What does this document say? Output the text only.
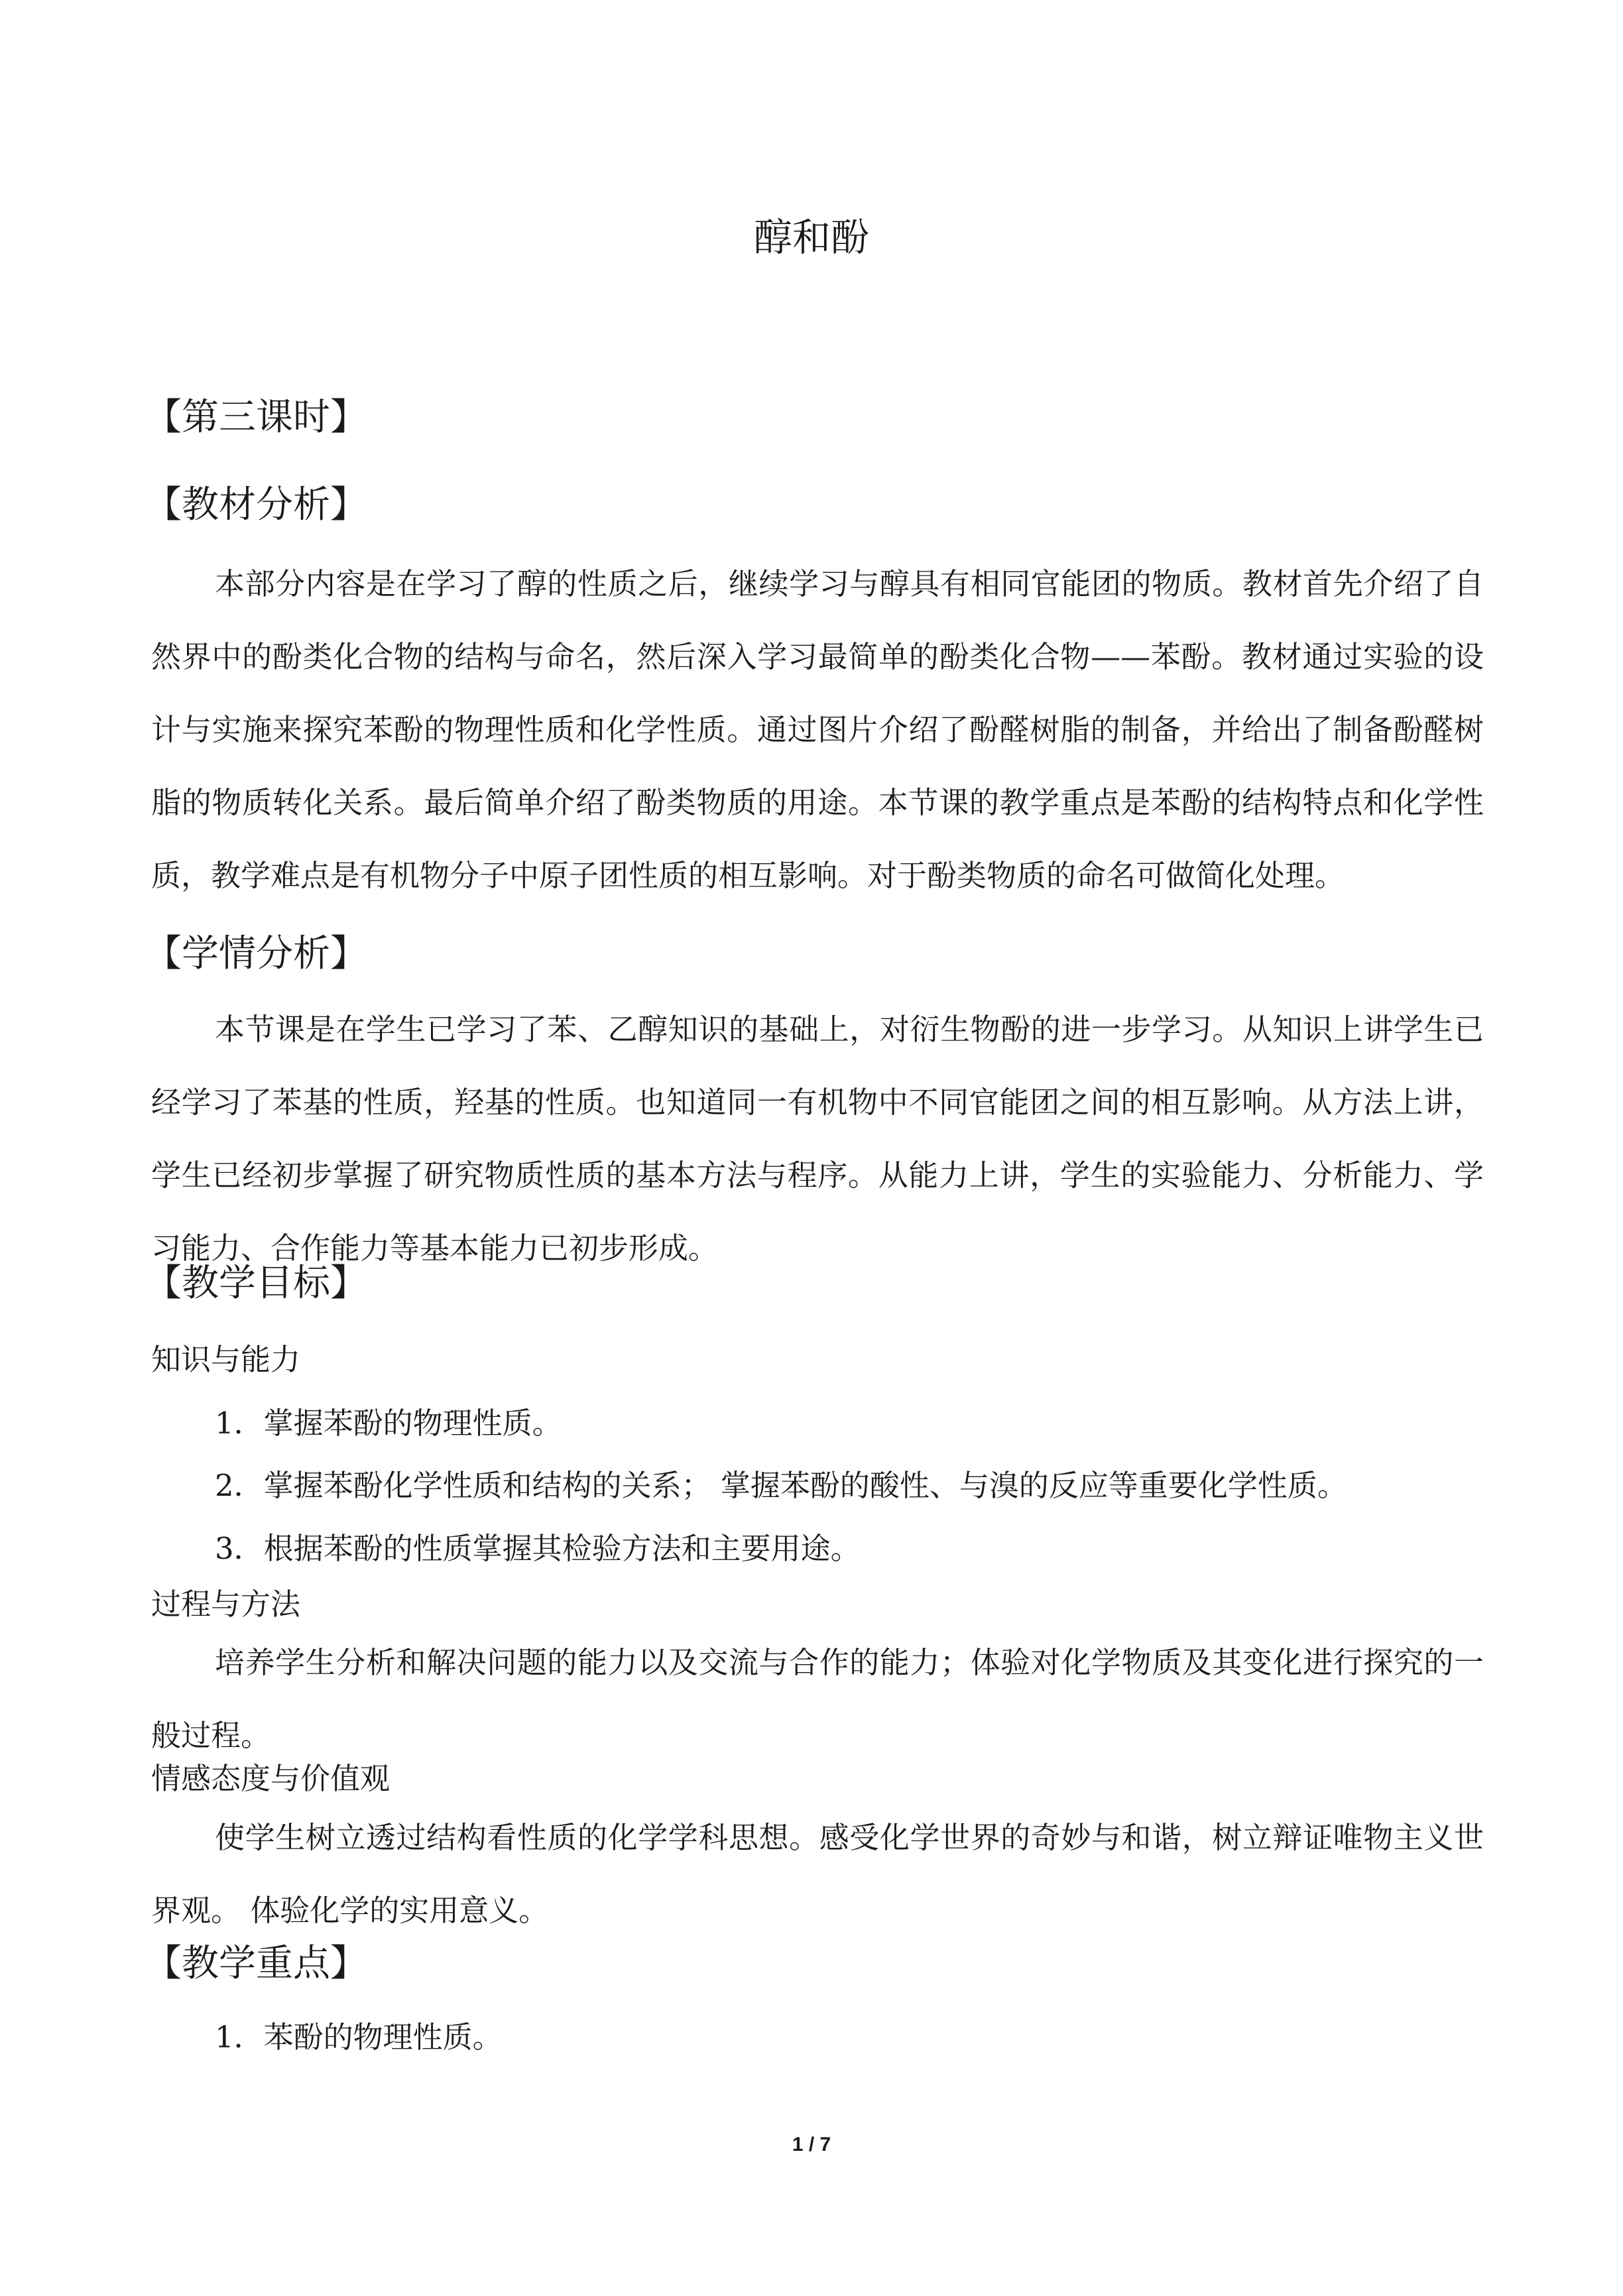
醇和酚
【第三课时】
【教材分析】

本部分内容是在学习了醇的性质之后，继续学习与醇具有相同官能团的物质。教材首先介绍了自然界中的酚类化合物的结构与命名，然后深入学习最简单的酚类化合物——苯酚。教材通过实验的设计与实施来探究苯酚的物理性质和化学性质。通过图片介绍了酚醛树脂的制备，并给出了制备酚醛树脂的物质转化关系。最后简单介绍了酚类物质的用途。本节课的教学重点是苯酚的结构特点和化学性质，教学难点是有机物分子中原子团性质的相互影响。对于酚类物质的命名可做简化处理。

【学情分析】

本节课是在学生已学习了苯、乙醇知识的基础上，对衍生物酚的进一步学习。从知识上讲学生已经学习了苯基的性质，羟基的性质。也知道同一有机物中不同官能团之间的相互影响。从方法上讲，学生已经初步掌握了研究物质性质的基本方法与程序。从能力上讲，学生的实验能力、分析能力、学习能力、合作能力等基本能力已初步形成。

【教学目标】
知识与能力
1．掌握苯酚的物理性质。
2．掌握苯酚化学性质和结构的关系； 掌握苯酚的酸性、与溴的反应等重要化学性质。
3．根据苯酚的性质掌握其检验方法和主要用途。
过程与方法

培养学生分析和解决问题的能力以及交流与合作的能力；体验对化学物质及其变化进行探究的一般过程。

情感态度与价值观

使学生树立透过结构看性质的化学学科思想。感受化学世界的奇妙与和谐，树立辩证唯物主义世界观。 体验化学的实用意义。

【教学重点】
1．苯酚的物理性质。
1 / 7
